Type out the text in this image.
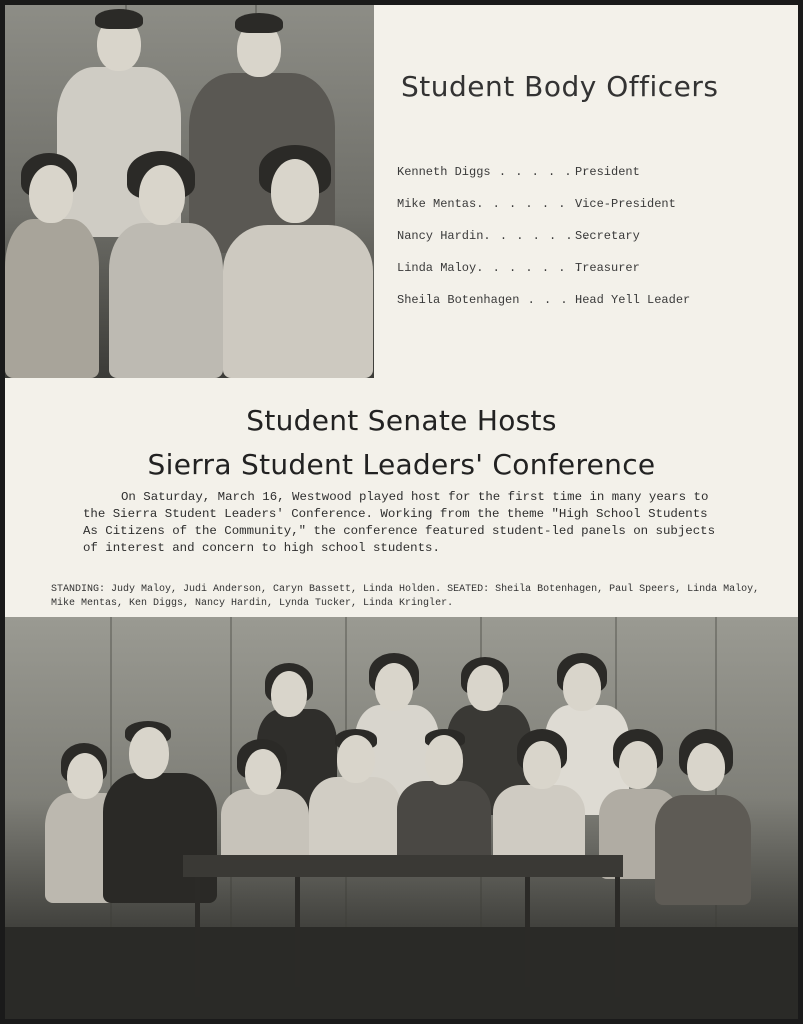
Student Body Officers
Kenneth Diggs . . . . . .
President
Mike Mentas. . . . . . .
Vice-President
Nancy Hardin. . . . . . .
Secretary
Linda Maloy. . . . . . .
Treasurer
Sheila Botenhagen . . . .
Head Yell Leader
Student Senate Hosts
Sierra Student Leaders' Conference

On Saturday, March 16, Westwood played host for the first time in many years to the Sierra Student Leaders' Conference. Working from the theme "High School Students As Citizens of the Community," the conference featured student-led panels on subjects of interest and concern to high school students.

STANDING: Judy Maloy, Judi Anderson, Caryn Bassett, Linda Holden. SEATED: Sheila Botenhagen, Paul Speers, Linda Maloy, Mike Mentas, Ken Diggs, Nancy Hardin, Lynda Tucker, Linda Kringler.
